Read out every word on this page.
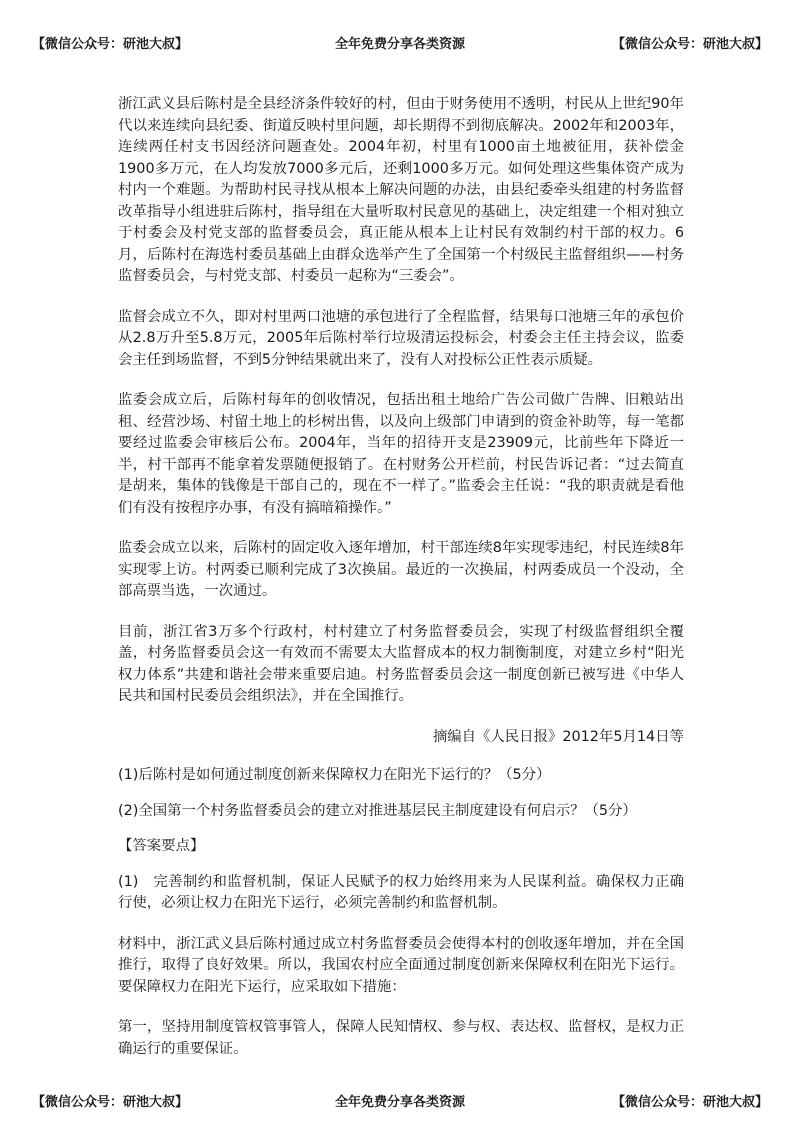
【微信公众号：研池大叔】	全年免费分享各类资源	【微信公众号：研池大叔】

浙江武义县后陈村是全县经济条件较好的村，但由于财务使用不透明，村民从上世纪90年代以来连续向县纪委、街道反映村里问题，却长期得不到彻底解决。2002年和2003年，连续两任村支书因经济问题查处。2004年初，村里有1000亩土地被征用，获补偿金1900多万元，在人均发放7000多元后，还剩1000多万元。如何处理这些集体资产成为村内一个难题。为帮助村民寻找从根本上解决问题的办法，由县纪委牵头组建的村务监督改革指导小组进驻后陈村，指导组在大量听取村民意见的基础上，决定组建一个相对独立于村委会及村党支部的监督委员会，真正能从根本上让村民有效制约村干部的权力。6月，后陈村在海选村委员基础上由群众选举产生了全国第一个村级民主监督组织——村务监督委员会，与村党支部、村委员一起称为“三委会”。

监督会成立不久，即对村里两口池塘的承包进行了全程监督，结果每口池塘三年的承包价从2.8万升至5.8万元，2005年后陈村举行垃圾清运投标会，村委会主任主持会议，监委会主任到场监督，不到5分钟结果就出来了，没有人对投标公正性表示质疑。

监委会成立后，后陈村每年的创收情况，包括出租土地给广告公司做广告牌、旧粮站出租、经营沙场、村留土地上的杉树出售，以及向上级部门申请到的资金补助等，每一笔都要经过监委会审核后公布。2004年，当年的招待开支是23909元，比前些年下降近一半，村干部再不能拿着发票随便报销了。在村财务公开栏前，村民告诉记者：“过去简直是胡来，集体的钱像是干部自己的，现在不一样了。”监委会主任说：“我的职责就是看他们有没有按程序办事，有没有搞暗箱操作。”

监委会成立以来，后陈村的固定收入逐年增加，村干部连续8年实现零违纪，村民连续8年实现零上访。村两委已顺利完成了3次换届。最近的一次换届，村两委成员一个没动，全部高票当选，一次通过。

目前，浙江省3万多个行政村，村村建立了村务监督委员会，实现了村级监督组织全覆盖，村务监督委员会这一有效而不需要太大监督成本的权力制衡制度，对建立乡村“阳光权力体系”共建和谐社会带来重要启迪。村务监督委员会这一制度创新已被写进《中华人民共和国村民委员会组织法》，并在全国推行。

摘编自《人民日报》2012年5月14日等

(1)后陈村是如何通过制度创新来保障权力在阳光下运行的？（5分）

(2)全国第一个村务监督委员会的建立对推进基层民主制度建设有何启示？（5分）

【答案要点】

(1)　完善制约和监督机制，保证人民赋予的权力始终用来为人民谋利益。确保权力正确行使，必须让权力在阳光下运行，必须完善制约和监督机制。

材料中，浙江武义县后陈村通过成立村务监督委员会使得本村的创收逐年增加，并在全国推行，取得了良好效果。所以，我国农村应全面通过制度创新来保障权利在阳光下运行。要保障权力在阳光下运行，应采取如下措施：

第一，坚持用制度管权管事管人，保障人民知情权、参与权、表达权、监督权，是权力正确运行的重要保证。

【微信公众号：研池大叔】	全年免费分享各类资源	【微信公众号：研池大叔】
